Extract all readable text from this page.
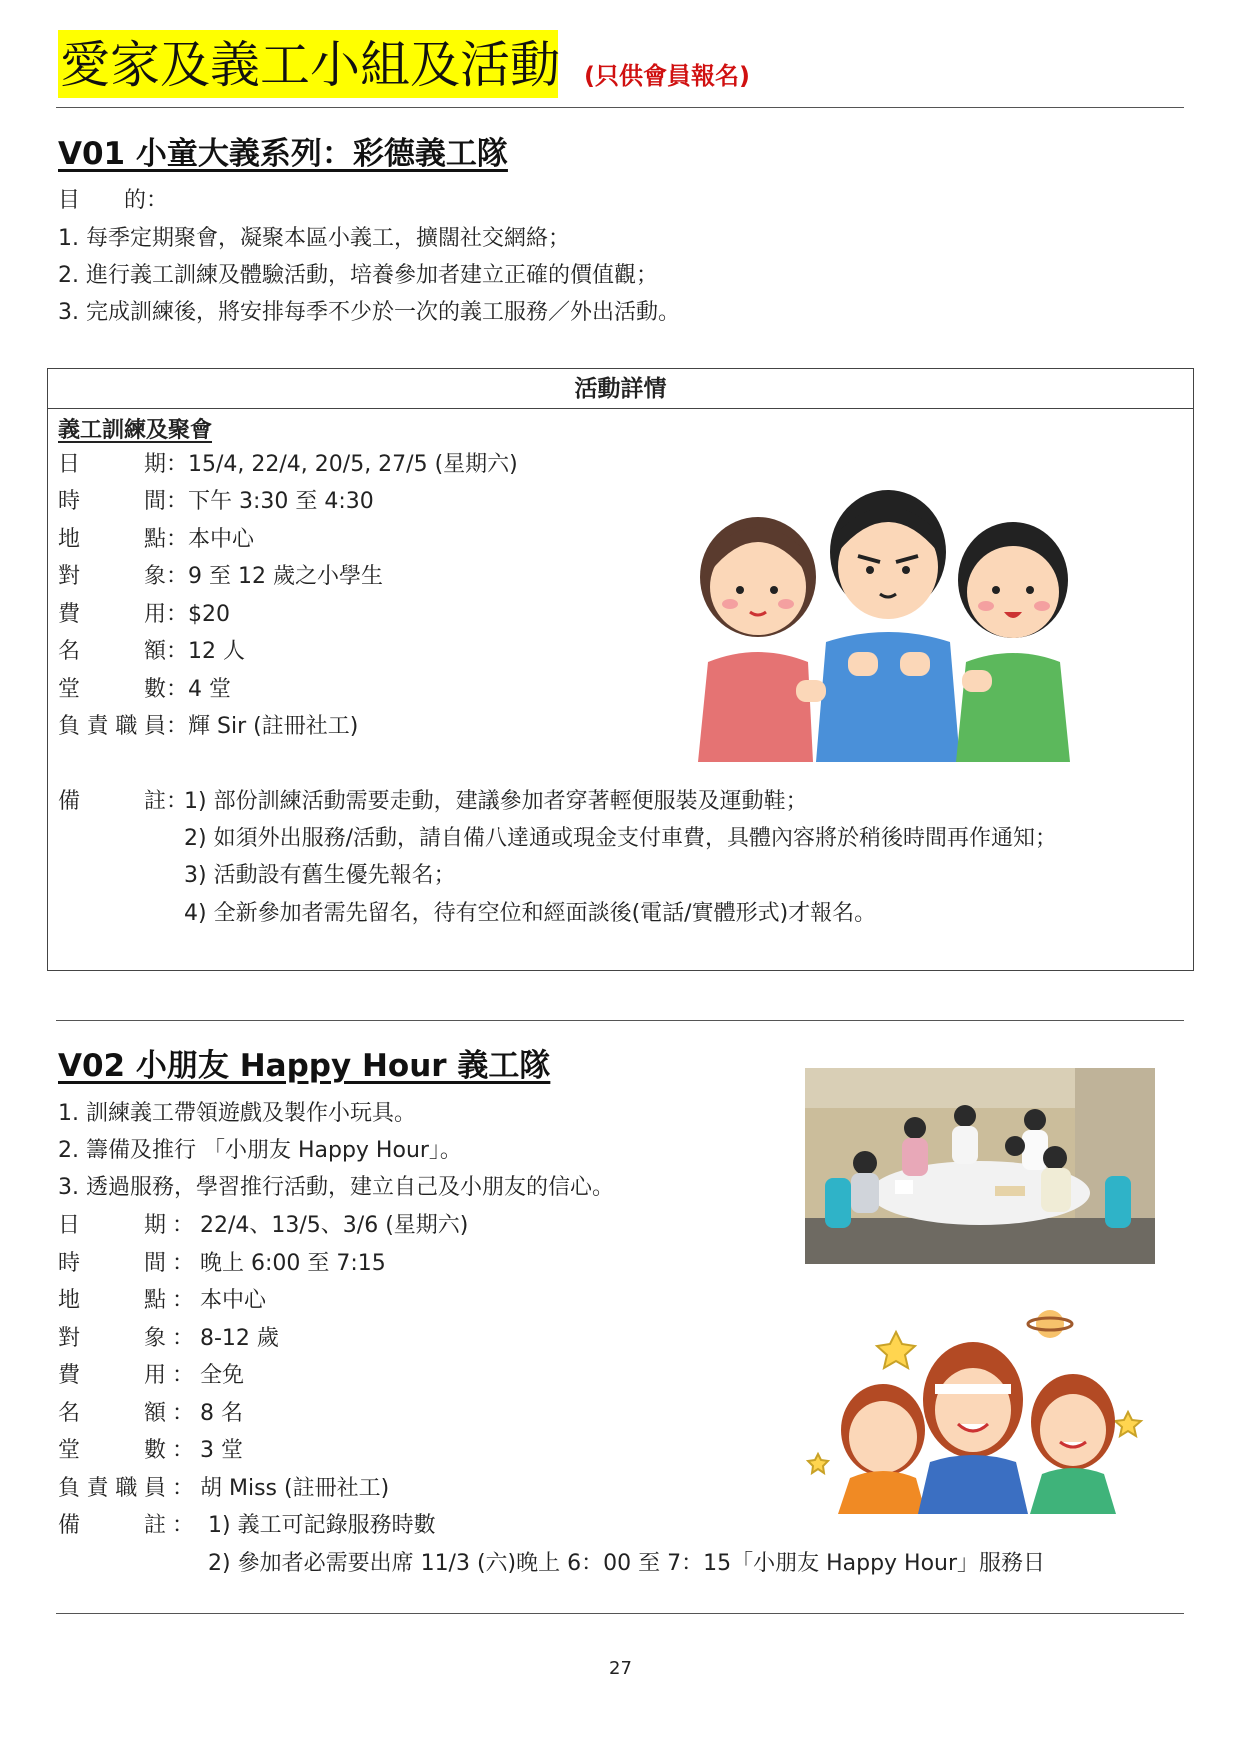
愛家及義工小組及活動 (只供會員報名)
V01 小童大義系列：彩德義工隊
目　　的：
1. 每季定期聚會，凝聚本區小義工，擴闊社交網絡；
2. 進行義工訓練及體驗活動，培養參加者建立正確的價值觀；
3. 完成訓練後，將安排每季不少於一次的義工服務／外出活動。
活動詳情
義工訓練及聚會
日期：15/4, 22/4, 20/5, 27/5 (星期六)
時間：下午 3:30 至 4:30
地點：本中心
對象：9 至 12 歲之小學生
費用：$20
名額：12 人
堂數：4 堂
負責職員：輝 Sir (註冊社工)
備註：
1) 部份訓練活動需要走動，建議參加者穿著輕便服裝及運動鞋；
2) 如須外出服務/活動，請自備八達通或現金支付車費，具體內容將於稍後時間再作通知；
3) 活動設有舊生優先報名；
4) 全新參加者需先留名，待有空位和經面談後(電話/實體形式)才報名。
V02 小朋友 Happy Hour 義工隊
1. 訓練義工帶領遊戲及製作小玩具。
2. 籌備及推行 「小朋友 Happy Hour」。
3. 透過服務，學習推行活動，建立自己及小朋友的信心。
日期 ： 22/4、13/5、3/6 (星期六)
時間 ： 晚上 6:00 至 7:15
地點 ： 本中心
對象 ： 8-12 歲
費用 ： 全免
名額 ： 8 名
堂數 ： 3 堂
負責職員 ： 胡 Miss (註冊社工)
備註 ： 1) 義工可記錄服務時數
2) 參加者必需要出席 11/3 (六)晚上 6：00 至 7：15「小朋友 Happy Hour」服務日
27
